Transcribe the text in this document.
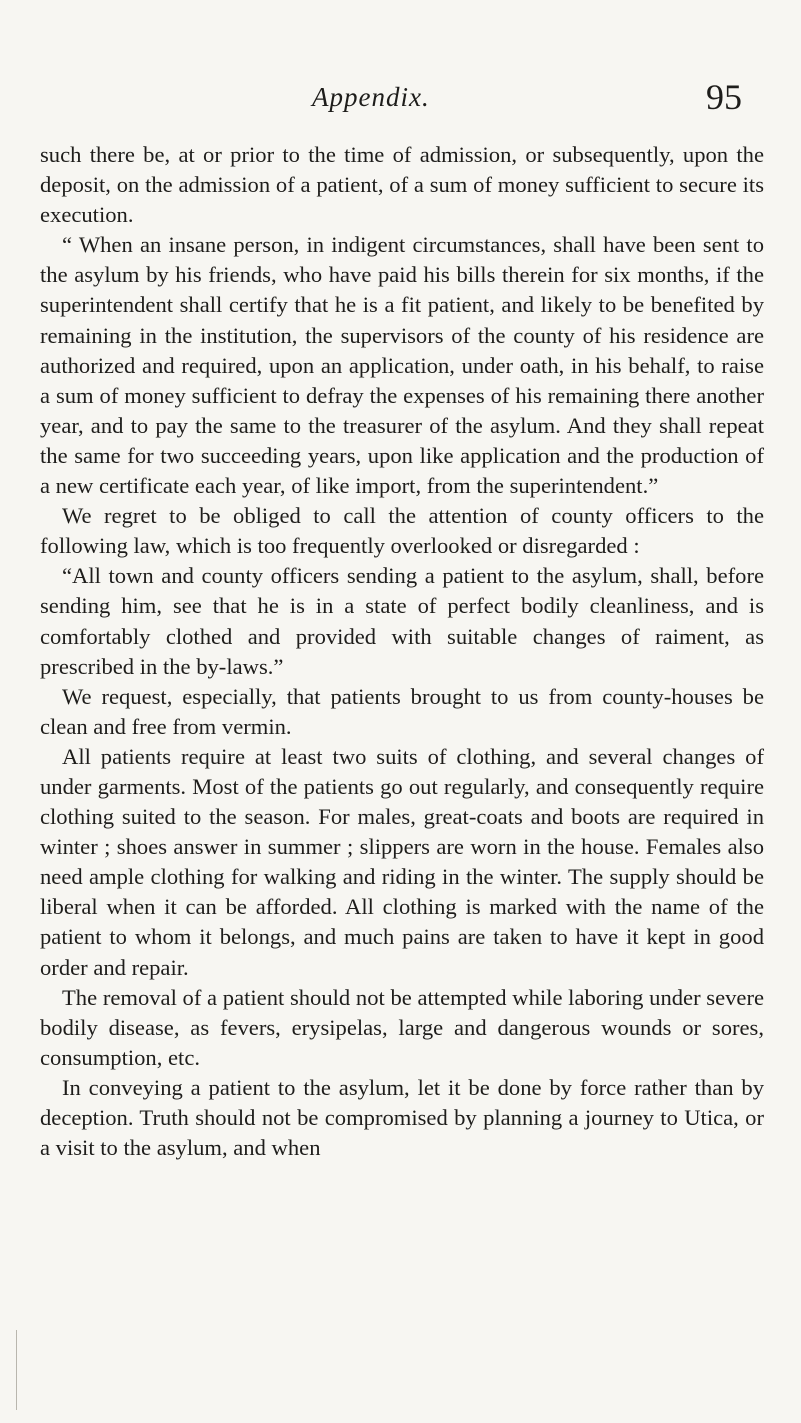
Appendix.	95

such there be, at or prior to the time of admission, or subsequently, upon the deposit, on the admission of a patient, of a sum of money sufficient to secure its execution.

“ When an insane person, in indigent circumstances, shall have been sent to the asylum by his friends, who have paid his bills therein for six months, if the superintendent shall certify that he is a fit patient, and likely to be benefited by remaining in the institution, the supervisors of the county of his residence are authorized and required, upon an application, under oath, in his behalf, to raise a sum of money sufficient to defray the expenses of his remaining there another year, and to pay the same to the treasurer of the asylum. And they shall repeat the same for two succeeding years, upon like application and the production of a new certificate each year, of like import, from the superintendent.”

We regret to be obliged to call the attention of county officers to the following law, which is too frequently overlooked or disregarded :

“All town and county officers sending a patient to the asylum, shall, before sending him, see that he is in a state of perfect bodily cleanliness, and is comfortably clothed and provided with suitable changes of raiment, as prescribed in the by-laws.”

We request, especially, that patients brought to us from county-houses be clean and free from vermin.

All patients require at least two suits of clothing, and several changes of under garments. Most of the patients go out regularly, and consequently require clothing suited to the season. For males, great-coats and boots are required in winter ; shoes answer in summer ; slippers are worn in the house. Females also need ample clothing for walking and riding in the winter. The supply should be liberal when it can be afforded. All clothing is marked with the name of the patient to whom it belongs, and much pains are taken to have it kept in good order and repair.

The removal of a patient should not be attempted while laboring under severe bodily disease, as fevers, erysipelas, large and dangerous wounds or sores, consumption, etc.

In conveying a patient to the asylum, let it be done by force rather than by deception. Truth should not be compromised by planning a journey to Utica, or a visit to the asylum, and when
